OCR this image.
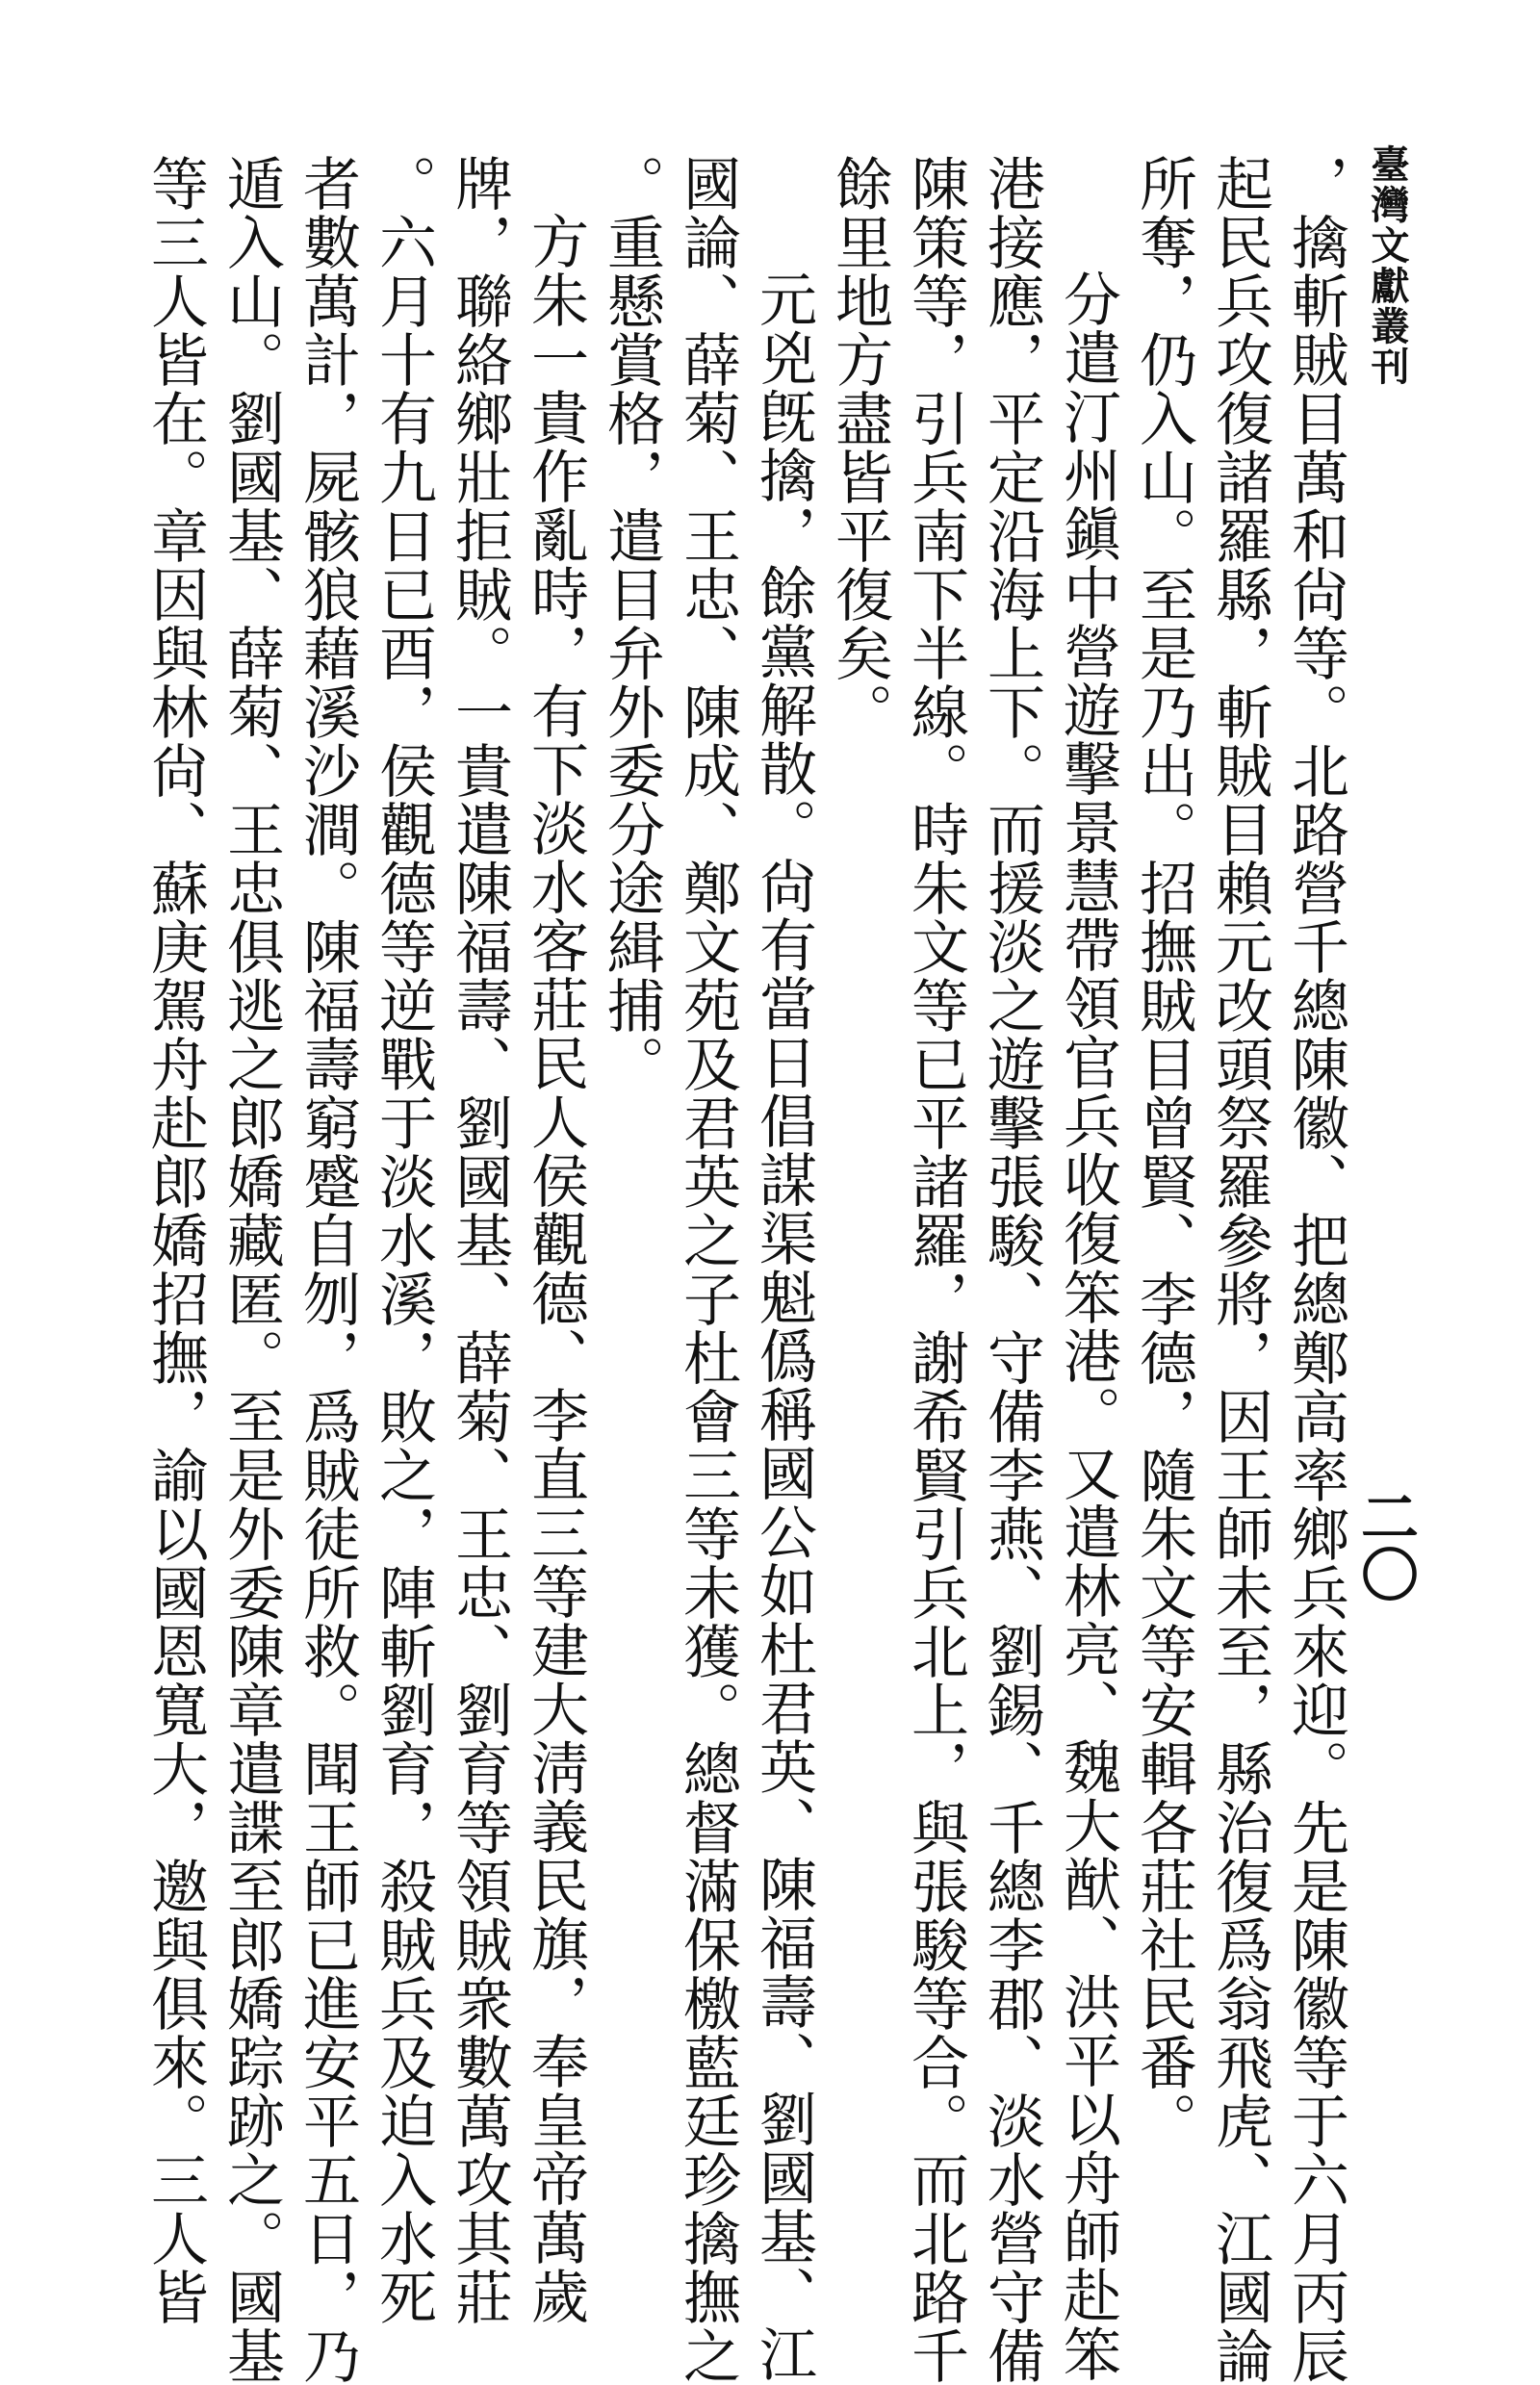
臺灣文獻叢刊
二〇
，擒斬賊目萬和尙等。北路營千總陳徽、把總鄭高率鄉兵來迎。先是陳徽等于六月丙辰
起民兵攻復諸羅縣，斬賊目賴元改頭祭羅參將，因王師未至，縣治復爲翁飛虎、江國論
所奪，仍入山。至是乃出。招撫賊目曾賢、李德，隨朱文等安輯各莊社民番。
分遣汀州鎭中營遊擊景慧帶領官兵收復笨港。又遣林亮、魏大猷、洪平以舟師赴笨
港接應，平定沿海上下。而援淡之遊擊張駿、守備李燕、劉錫、千總李郡、淡水營守備
陳策等，引兵南下半線。時朱文等已平諸羅，謝希賢引兵北上，與張駿等合。而北路千
餘里地方盡皆平復矣。
元兇旣擒，餘黨解散。尙有當日倡謀渠魁僞稱國公如杜君英、陳福壽、劉國基、江
國論、薛菊、王忠、陳成、鄭文苑及君英之子杜會三等未獲。總督滿保檄藍廷珍擒撫之
。重懸賞格，遣目弁外委分途緝捕。
方朱一貴作亂時，有下淡水客莊民人侯觀德、李直三等建大淸義民旗，奉皇帝萬歲
牌，聯絡鄉壯拒賊。一貴遣陳福壽、劉國基、薛菊、王忠、劉育等領賊衆數萬攻其莊
。六月十有九日已酉，侯觀德等逆戰于淡水溪，敗之，陣斬劉育，殺賊兵及迫入水死
者數萬計，屍骸狼藉溪沙澗。陳福壽窮蹙自刎，爲賊徒所救。聞王師已進安平五日，乃
遁入山。劉國基、薛菊、王忠俱逃之郎嬌藏匿。至是外委陳章遣諜至郎嬌踪跡之。國基
等三人皆在。章因與林尙、蘇庚駕舟赴郎嬌招撫，諭以國恩寬大，邀與俱來。三人皆
